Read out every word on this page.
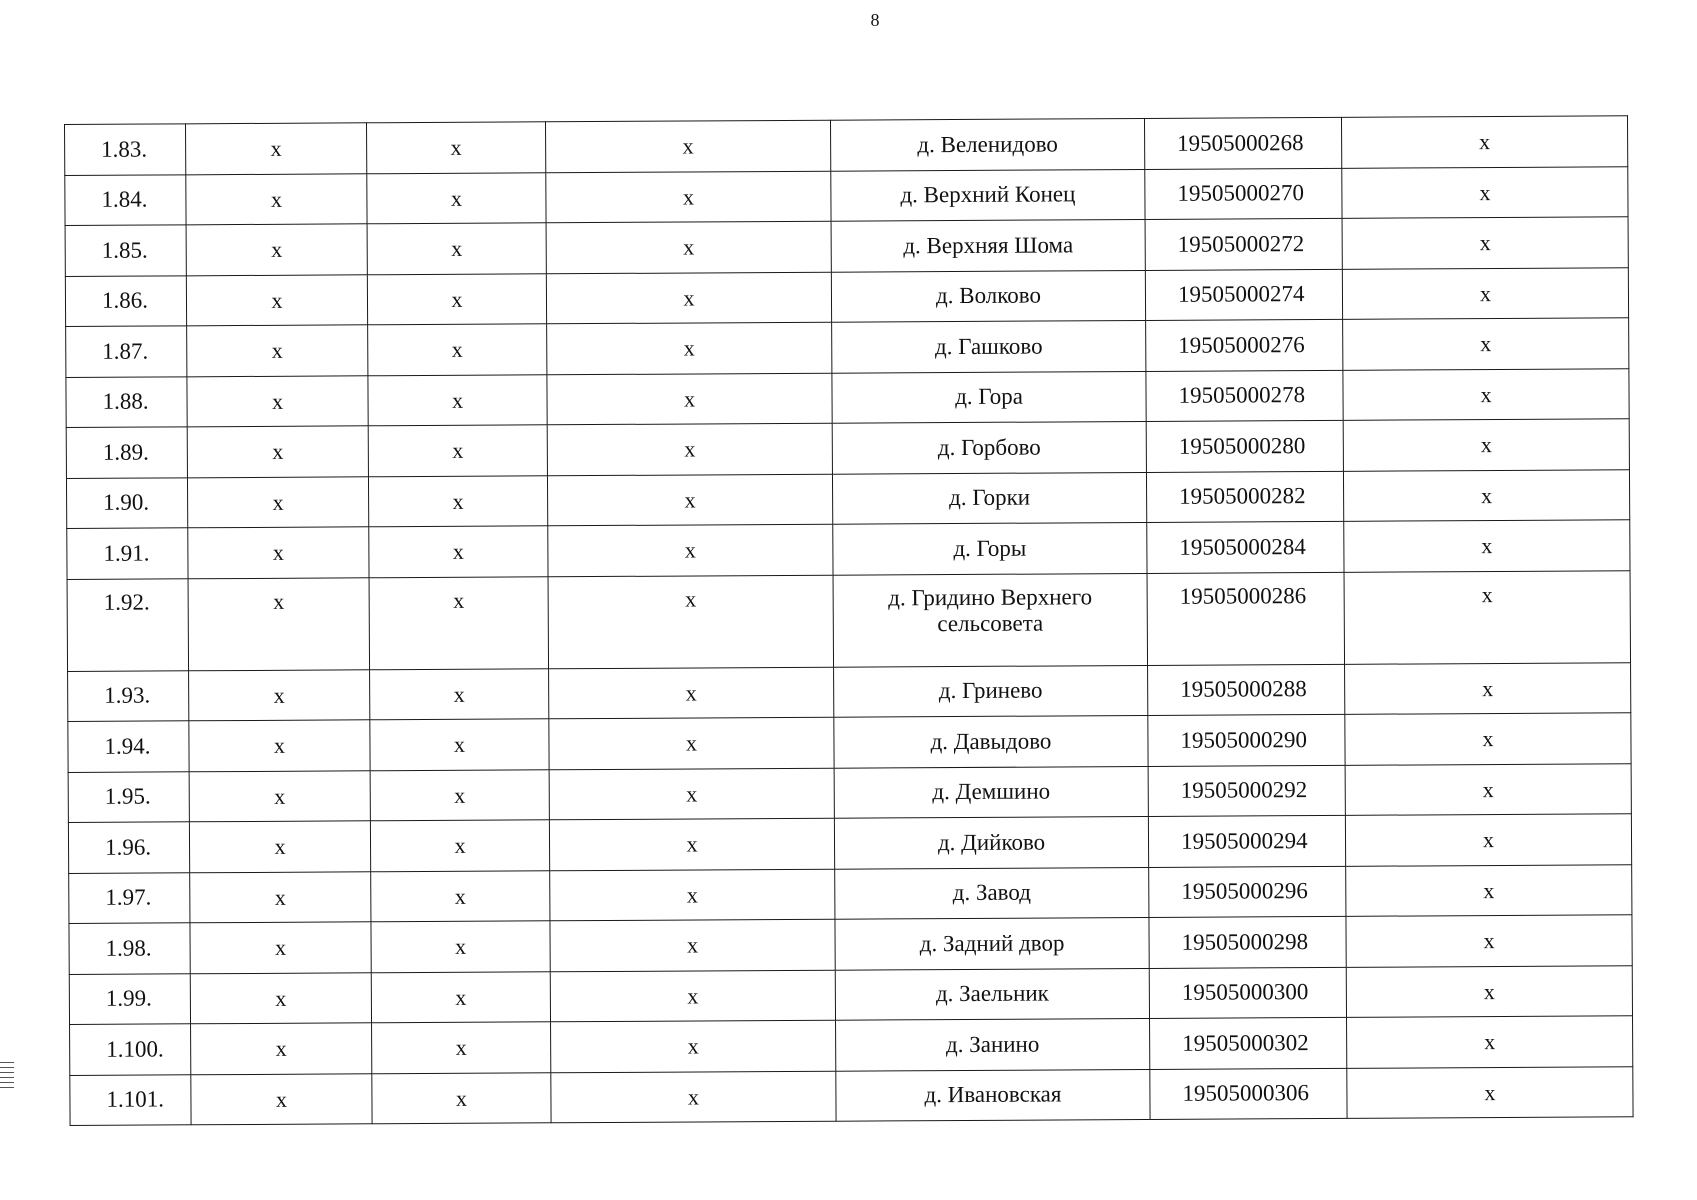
8
1.83.	x	x	x	д. Веленидово	19505000268	x
1.84.	x	x	x	д. Верхний Конец	19505000270	x
1.85.	x	x	x	д. Верхняя Шома	19505000272	x
1.86.	x	x	x	д. Волково	19505000274	x
1.87.	x	x	x	д. Гашково	19505000276	x
1.88.	x	x	x	д. Гора	19505000278	x
1.89.	x	x	x	д. Горбово	19505000280	x
1.90.	x	x	x	д. Горки	19505000282	x
1.91.	x	x	x	д. Горы	19505000284	x
1.92.	x	x	x	д. Гридино Верхнего сельсовета	19505000286	x
1.93.	x	x	x	д. Гринево	19505000288	x
1.94.	x	x	x	д. Давыдово	19505000290	x
1.95.	x	x	x	д. Демшино	19505000292	x
1.96.	x	x	x	д. Дийково	19505000294	x
1.97.	x	x	x	д. Завод	19505000296	x
1.98.	x	x	x	д. Задний двор	19505000298	x
1.99.	x	x	x	д. Заельник	19505000300	x
1.100.	x	x	x	д. Занино	19505000302	x
1.101.	x	x	x	д. Ивановская	19505000306	x
